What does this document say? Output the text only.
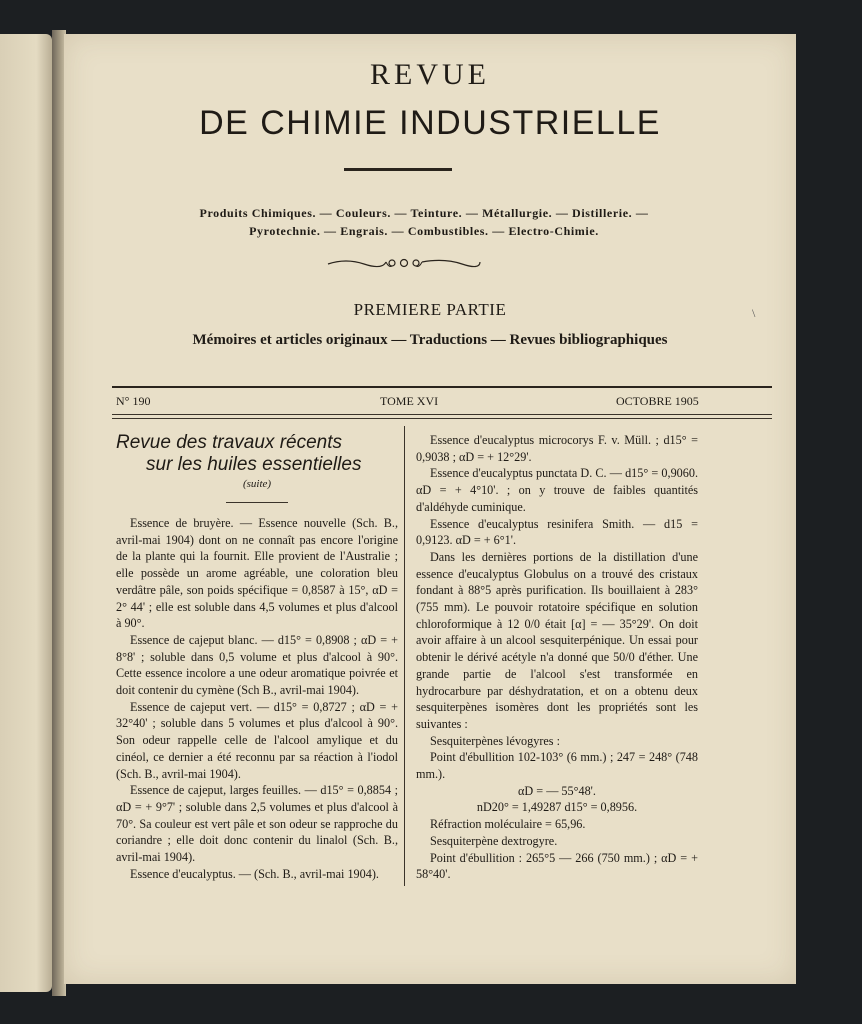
REVUE
DE CHIMIE INDUSTRIELLE
Produits Chimiques. — Couleurs. — Teinture. — Métallurgie. — Distillerie. —
Pyrotechnie. — Engrais. — Combustibles. — Electro-Chimie.
PREMIERE PARTIE
Mémoires et articles originaux — Traductions — Revues bibliographiques
\
N° 190	TOME XVI	OCTOBRE 1905
Revue des travaux récents
sur les huiles essentielles
(suite)

Essence de bruyère. — Essence nouvelle (Sch. B., avril-mai 1904) dont on ne connaît pas encore l'origine de la plante qui la fournit. Elle provient de l'Australie ; elle possède un arome agréable, une coloration bleu verdâtre pâle, son poids spécifique = 0,8587 à 15°, αD = 2° 44' ; elle est soluble dans 4,5 volumes et plus d'alcool à 90°.

Essence de cajeput blanc. — d15° = 0,8908 ; αD = + 8°8' ; soluble dans 0,5 volume et plus d'alcool à 90°. Cette essence incolore a une odeur aromatique poivrée et doit contenir du cymène (Sch B., avril-mai 1904).

Essence de cajeput vert. — d15° = 0,8727 ; αD = + 32°40' ; soluble dans 5 volumes et plus d'alcool à 90°. Son odeur rappelle celle de l'alcool amylique et du cinéol, ce dernier a été reconnu par sa réaction à l'iodol (Sch. B., avril-mai 1904).

Essence de cajeput, larges feuilles. — d15° = 0,8854 ; αD = + 9°7' ; soluble dans 2,5 volumes et plus d'alcool à 70°. Sa couleur est vert pâle et son odeur se rapproche du coriandre ; elle doit donc contenir du linalol (Sch. B., avril-mai 1904).

Essence d'eucalyptus. — (Sch. B., avril-mai 1904).

Essence d'eucalyptus microcorys F. v. Müll. ; d15° = 0,9038 ; αD = + 12°29'.

Essence d'eucalyptus punctata D. C. — d15° = 0,9060. αD = + 4°10'. ; on y trouve de faibles quantités d'aldéhyde cuminique.

Essence d'eucalyptus resinifera Smith. — d15 = 0,9123. αD = + 6°1'.

Dans les dernières portions de la distillation d'une essence d'eucalyptus Globulus on a trouvé des cristaux fondant à 88°5 après purification. Ils bouillaient à 283° (755 mm). Le pouvoir rotatoire spécifique en solution chloroformique à 12 0/0 était [α] = — 35°29'. On doit avoir affaire à un alcool sesquiterpénique. Un essai pour obtenir le dérivé acétyle n'a donné que 50/0 d'éther. Une grande partie de l'alcool s'est transformée en hydrocarbure par déshydratation, et on a obtenu deux sesquiterpènes isomères dont les propriétés sont les suivantes :

Sesquiterpènes lévogyres :

Point d'ébullition 102-103° (6 mm.) ; 247 = 248° (748 mm.).

αD = — 55°48'.

nD20° = 1,49287 d15° = 0,8956.

Réfraction moléculaire = 65,96.

Sesquiterpène dextrogyre.

Point d'ébullition : 265°5 — 266 (750 mm.) ; αD = + 58°40'.
